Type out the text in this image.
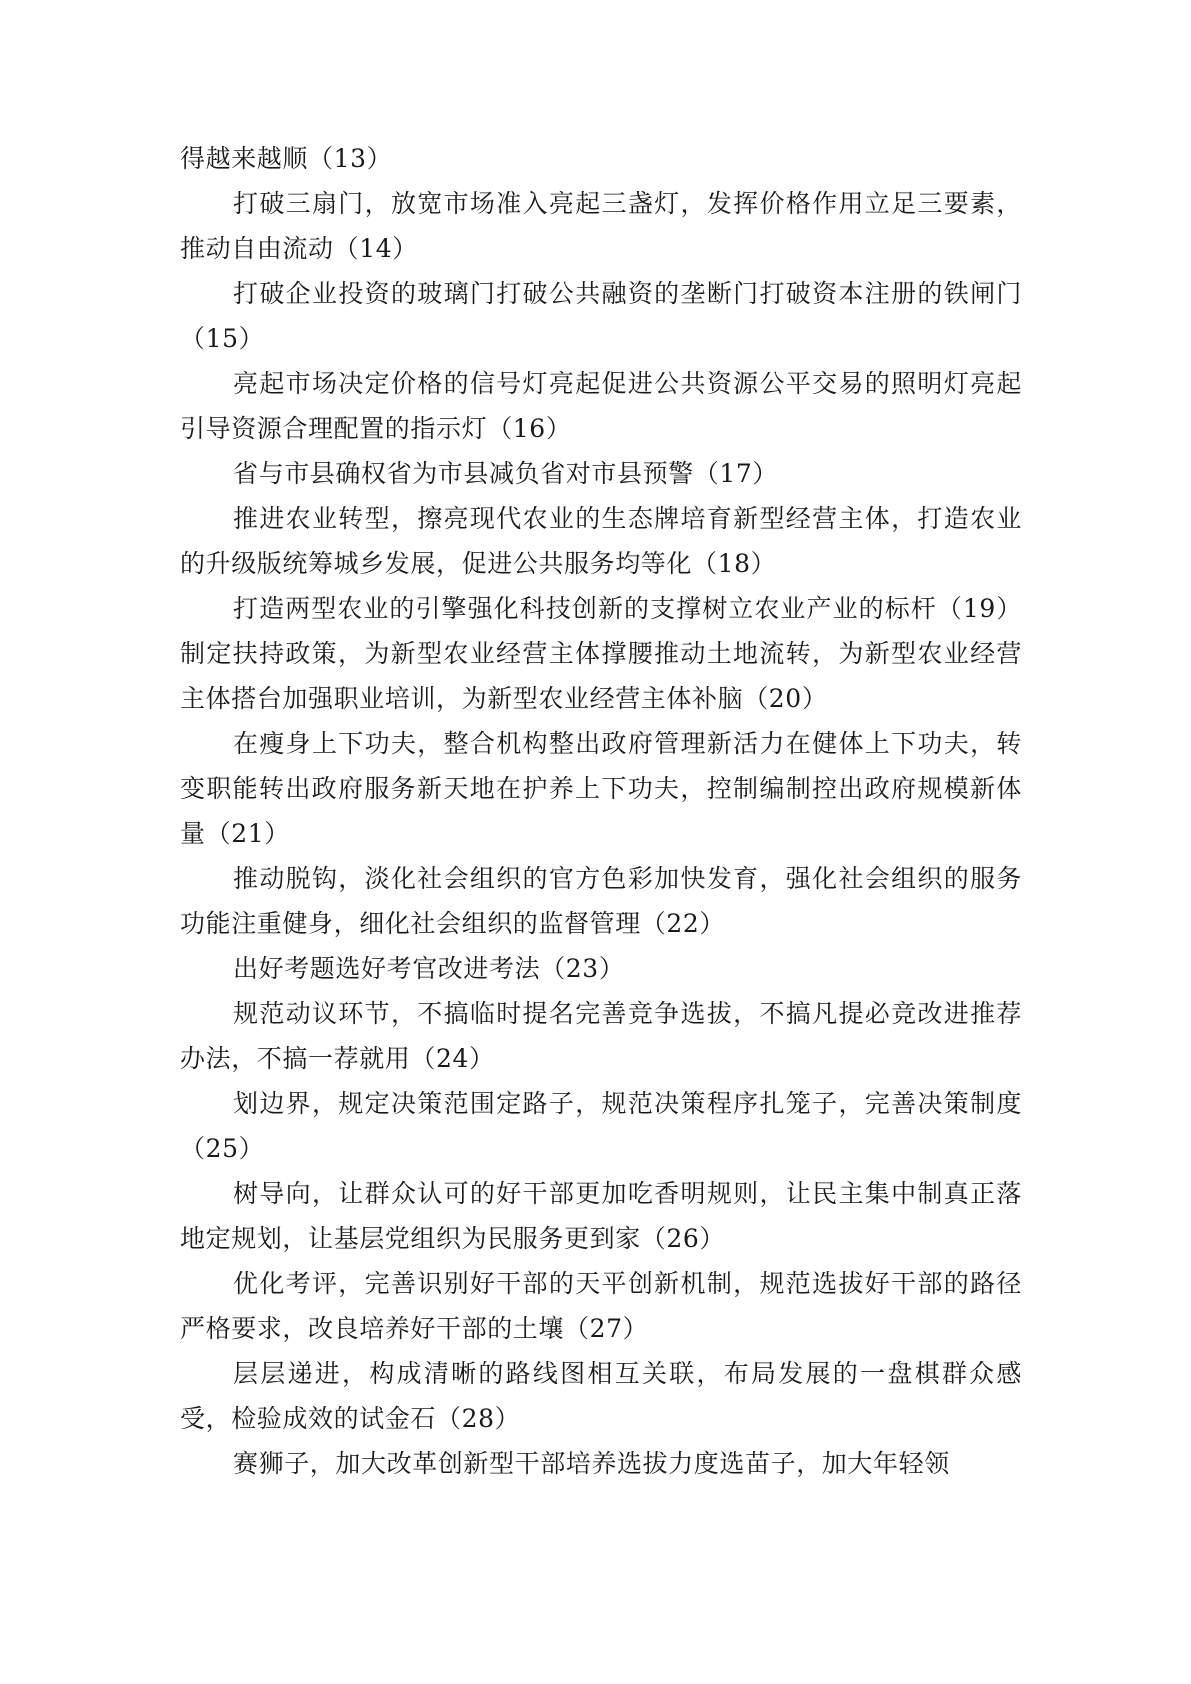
得越来越顺（13）

打破三扇门，放宽市场准入亮起三盏灯，发挥价格作用立足三要素，推动自由流动（14）

打破企业投资的玻璃门打破公共融资的垄断门打破资本注册的铁闸门（15）

亮起市场决定价格的信号灯亮起促进公共资源公平交易的照明灯亮起引导资源合理配置的指示灯（16）

省与市县确权省为市县减负省对市县预警（17）

推进农业转型，擦亮现代农业的生态牌培育新型经营主体，打造农业的升级版统筹城乡发展，促进公共服务均等化（18）

打造两型农业的引擎强化科技创新的支撑树立农业产业的标杆（19）制定扶持政策，为新型农业经营主体撑腰推动土地流转，为新型农业经营主体搭台加强职业培训，为新型农业经营主体补脑（20）

在瘦身上下功夫，整合机构整出政府管理新活力在健体上下功夫，转变职能转出政府服务新天地在护养上下功夫，控制编制控出政府规模新体量（21）

推动脱钩，淡化社会组织的官方色彩加快发育，强化社会组织的服务功能注重健身，细化社会组织的监督管理（22）

出好考题选好考官改进考法（23）

规范动议环节，不搞临时提名完善竞争选拔，不搞凡提必竞改进推荐办法，不搞一荐就用（24）

划边界，规定决策范围定路子，规范决策程序扎笼子，完善决策制度（25）

树导向，让群众认可的好干部更加吃香明规则，让民主集中制真正落地定规划，让基层党组织为民服务更到家（26）

优化考评，完善识别好干部的天平创新机制，规范选拔好干部的路径严格要求，改良培养好干部的土壤（27）

层层递进，构成清晰的路线图相互关联，布局发展的一盘棋群众感受，检验成效的试金石（28）

赛狮子，加大改革创新型干部培养选拔力度选苗子，加大年轻领
